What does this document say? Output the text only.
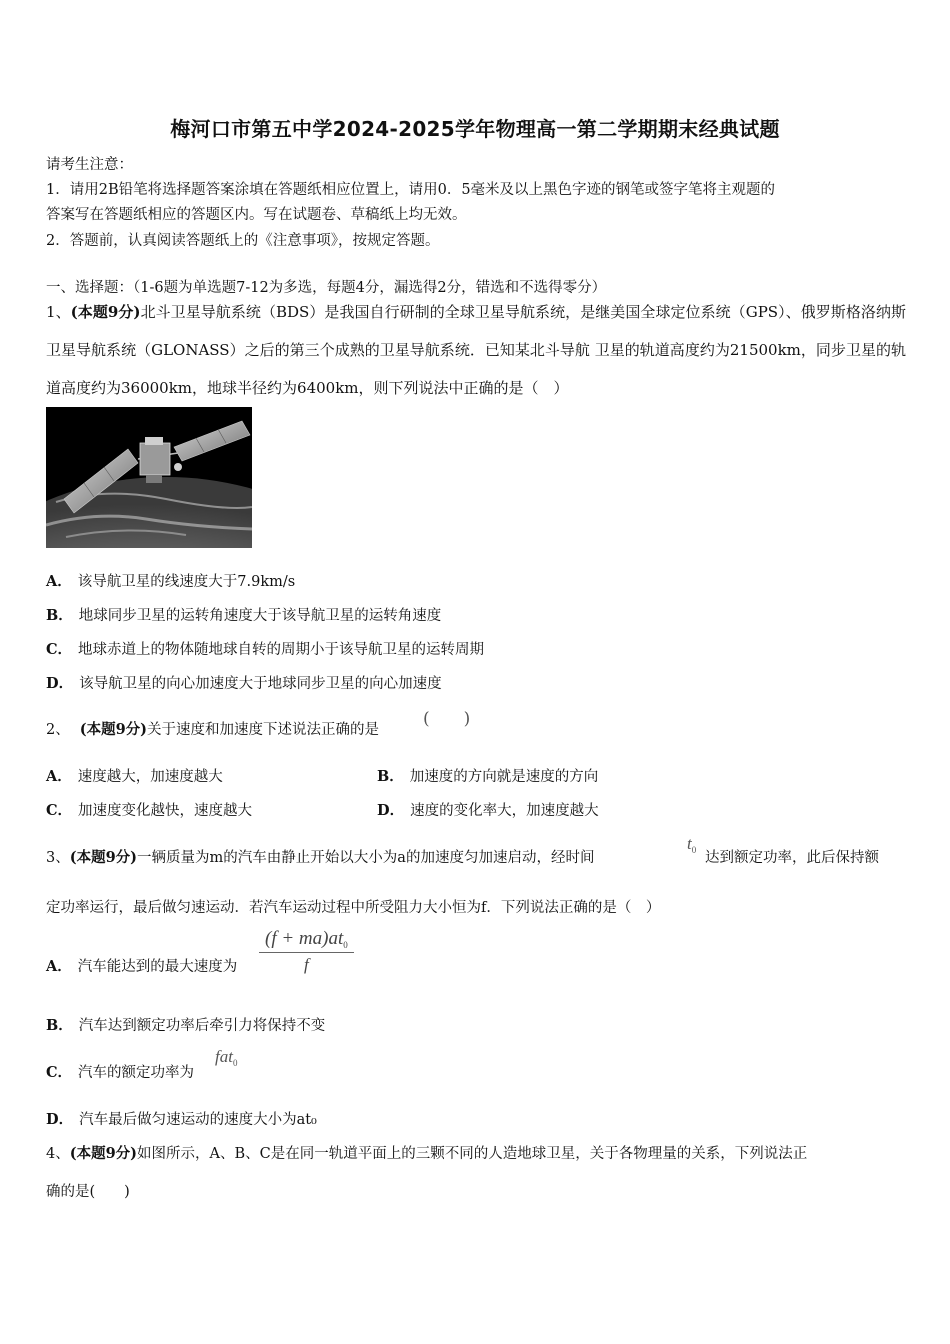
梅河口市第五中学2024-2025学年物理高一第二学期期末经典试题
请考生注意：
1．请用2B铅笔将选择题答案涂填在答题纸相应位置上，请用0．5毫米及以上黑色字迹的钢笔或签字笔将主观题的
答案写在答题纸相应的答题区内。写在试题卷、草稿纸上均无效。
2．答题前，认真阅读答题纸上的《注意事项》，按规定答题。
一、选择题：（1-6题为单选题7-12为多选，每题4分，漏选得2分，错选和不选得零分）
1、(本题9分)北斗卫星导航系统（BDS）是我国自行研制的全球卫星导航系统，是继美国全球定位系统（GPS）、俄罗斯格洛纳斯卫星导航系统（GLONASS）之后的第三个成熟的卫星导航系统．已知某北斗导航 卫星的轨道高度约为21500km，同步卫星的轨道高度约为36000km，地球半径约为6400km，则下列说法中正确的是（　）
A． 该导航卫星的线速度大于7.9km/s
B． 地球同步卫星的运转角速度大于该导航卫星的运转角速度
C． 地球赤道上的物体随地球自转的周期小于该导航卫星的运转周期
D． 该导航卫星的向心加速度大于地球同步卫星的向心加速度
2、 (本题9分)关于速度和加速度下述说法正确的是
(　　)
A． 速度越大，加速度越大	B． 加速度的方向就是速度的方向
C． 加速度变化越快，速度越大	D． 速度的变化率大，加速度越大
3、(本题9分)一辆质量为m的汽车由静止开始以大小为a的加速度匀加速启动，经时间
$t_0$ 达到额定功率，此后保持额
定功率运行，最后做匀速运动．若汽车运动过程中所受阻力大小恒为f．下列说法正确的是（　）
A． 汽车能达到的最大速度为 $\frac{(f + ma)at_0}{f}$
B． 汽车达到额定功率后牵引力将保持不变
C． 汽车的额定功率为
fat$_0$
D． 汽车最后做匀速运动的速度大小为at₀
4、(本题9分)如图所示，A、B、C是在同一轨道平面上的三颗不同的人造地球卫星，关于各物理量的关系，下列说法正
确的是(　　)
